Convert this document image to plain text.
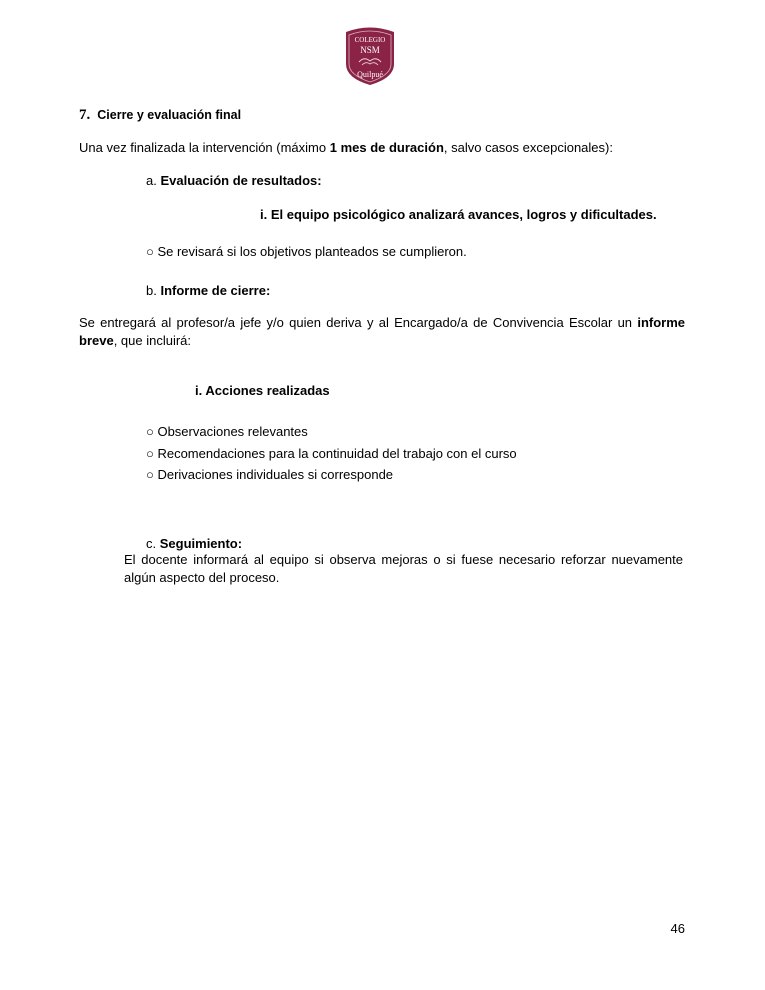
COLEGIO
NSM
Quilpué
7. Cierre y evaluación final
Una vez finalizada la intervención (máximo 1 mes de duración, salvo casos excepcionales):
a. Evaluación de resultados:
i. El equipo psicológico analizará avances, logros y dificultades.
○ Se revisará si los objetivos planteados se cumplieron.
b. Informe de cierre:
Se entregará al profesor/a jefe y/o quien deriva y al Encargado/a de Convivencia Escolar un informe breve, que incluirá:
i. Acciones realizadas
○ Observaciones relevantes
○ Recomendaciones para la continuidad del trabajo con el curso
○ Derivaciones individuales si corresponde
c. Seguimiento:
El docente informará al equipo si observa mejoras o si fuese necesario reforzar nuevamente algún aspecto del proceso.
46
